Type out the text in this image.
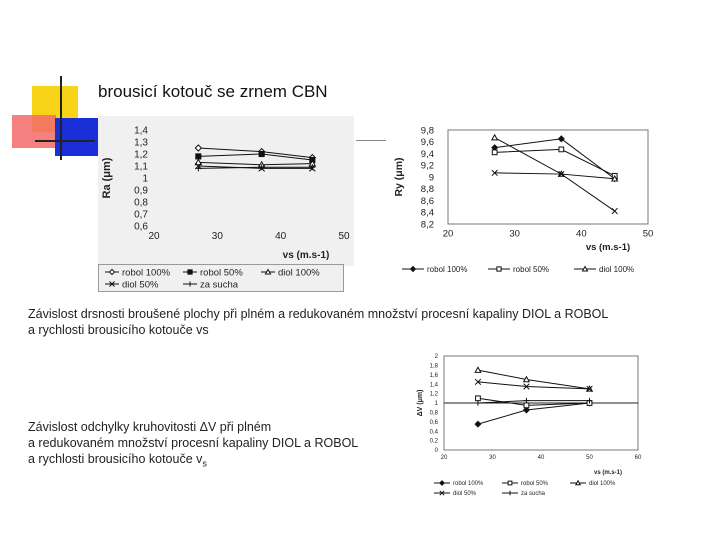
brousicí kotouč se zrnem CBN
0,6
0,7
0,8
0,9
1
1,1
1,2
1,3
1,4
20	30	40	50
Ra (μm)
vs (m.s-1)
robol 100%	robol 50%	diol 100%
diol 50%	za sucha
8,2
8,4
8,6
8,8
9
9,2
9,4
9,6
9,8
20	30	40	50
Ry (μm)
vs (m.s-1)
robol 100%	robol 50%	diol 100%
Závislost drsnosti broušené plochy při plném a redukovaném množství procesní kapaliny DIOL a ROBOL
a rychlosti brousicího kotouče vs
0
0,2
0,4
0,6
0,8
1
1,2
1,4
1,6
1,8
2
20	30	40	50	60
ΔV (μm)
vs (m.s-1)
robol 100%	robol 50%	diol 100%
diol 50%	za sucha
Závislost odchylky kruhovitosti ΔV při plném
a redukovaném množství procesní kapaliny DIOL a ROBOL
a rychlosti brousicího kotouče $v_s$
